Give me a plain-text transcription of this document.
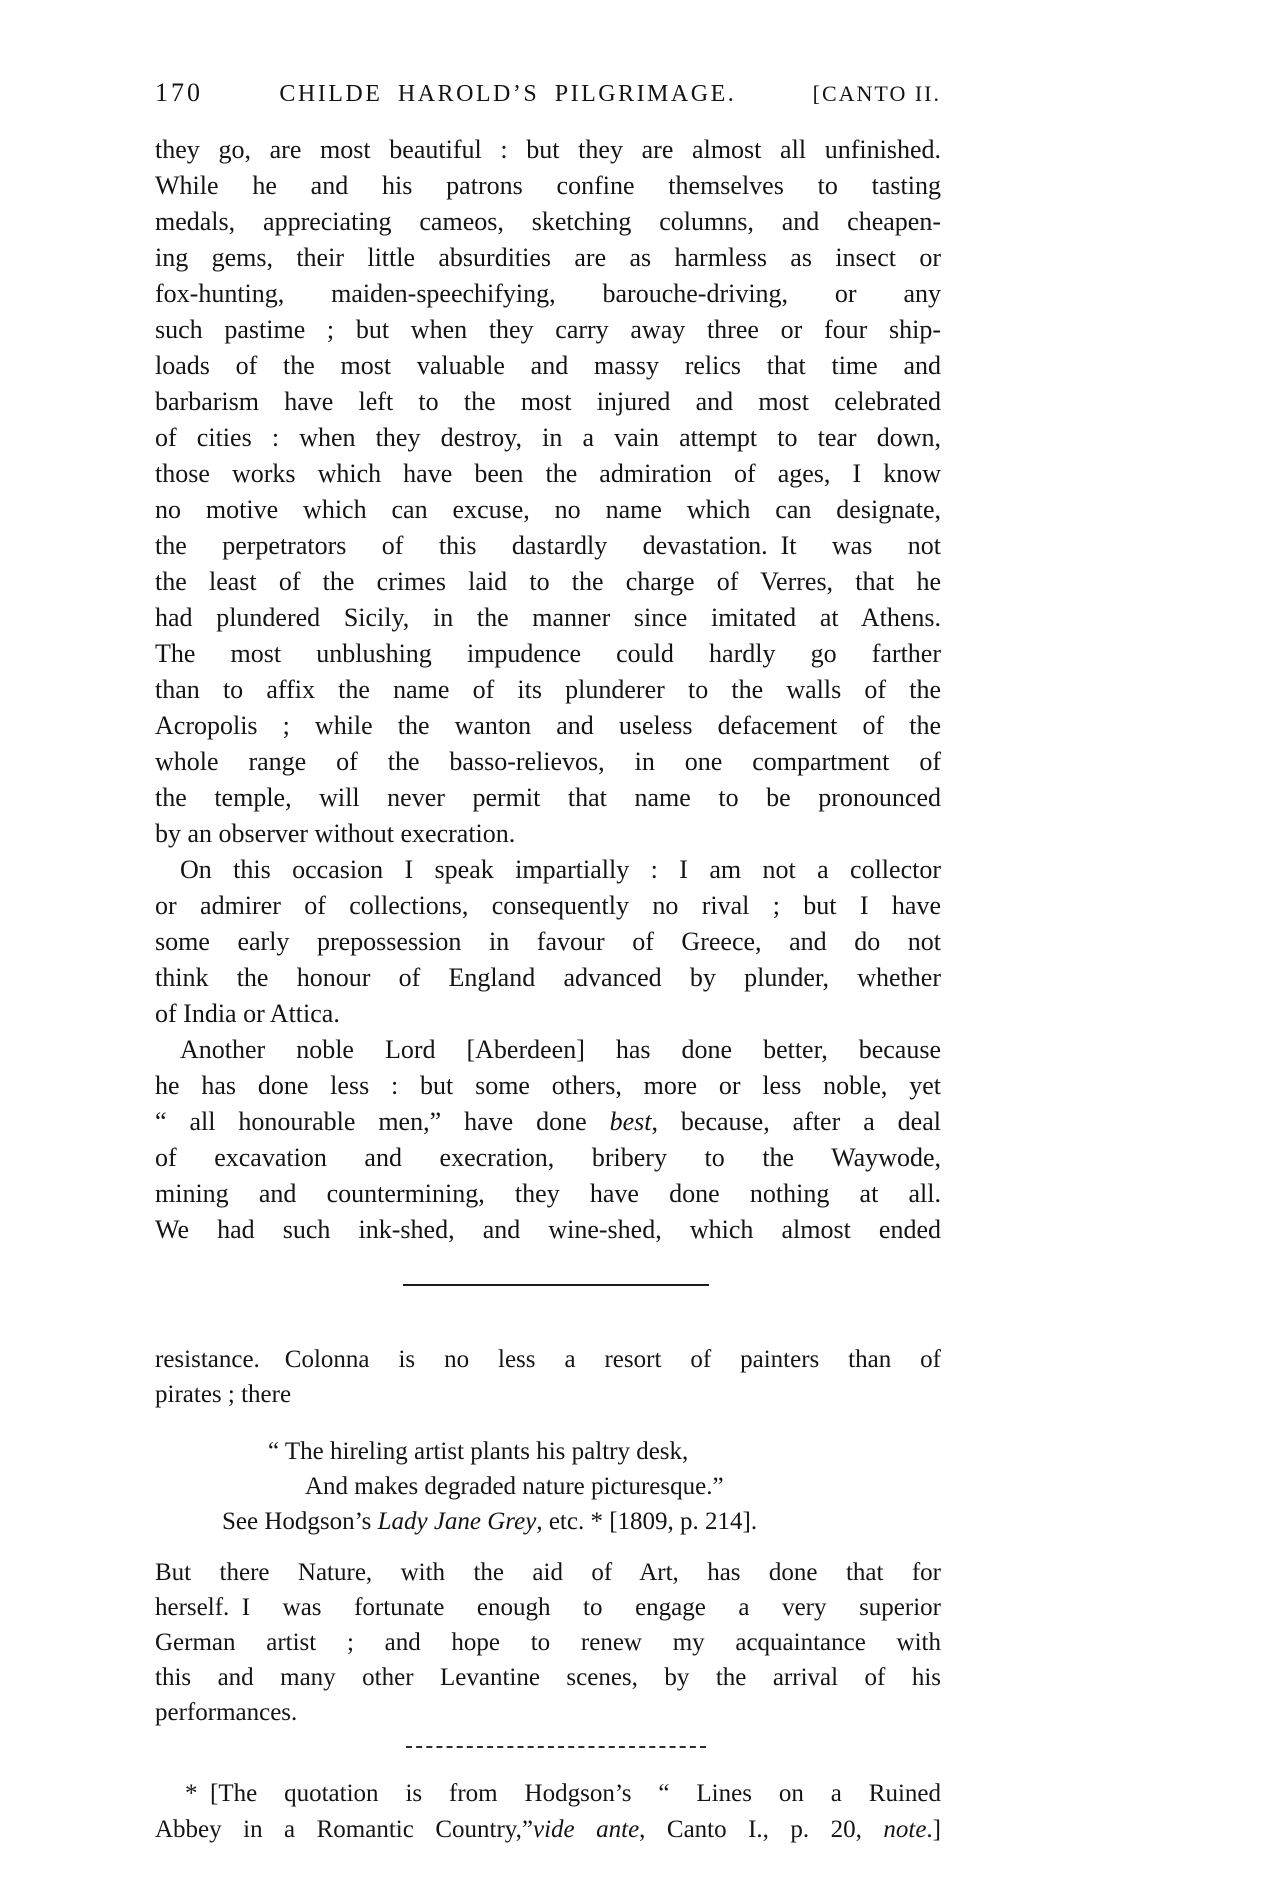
170	CHILDE HAROLD’S PILGRIMAGE.	[CANTO II.
they go, are most beautiful : but they are almost all unfinished.
While he and his patrons confine themselves to tasting
medals, appreciating cameos, sketching columns, and cheapen-
ing gems, their little absurdities are as harmless as insect or
fox-hunting, maiden-speechifying, barouche-driving, or any
such pastime ; but when they carry away three or four ship-
loads of the most valuable and massy relics that time and
barbarism have left to the most injured and most celebrated
of cities : when they destroy, in a vain attempt to tear down,
those works which have been the admiration of ages, I know
no motive which can excuse, no name which can designate,
the perpetrators of this dastardly devastation. It was not
the least of the crimes laid to the charge of Verres, that he
had plundered Sicily, in the manner since imitated at Athens.
The most unblushing impudence could hardly go farther
than to affix the name of its plunderer to the walls of the
Acropolis ; while the wanton and useless defacement of the
whole range of the basso-relievos, in one compartment of
the temple, will never permit that name to be pronounced
by an observer without execration.
On this occasion I speak impartially : I am not a collector
or admirer of collections, consequently no rival ; but I have
some early prepossession in favour of Greece, and do not
think the honour of England advanced by plunder, whether
of India or Attica.
Another noble Lord [Aberdeen] has done better, because
he has done less : but some others, more or less noble, yet
“ all honourable men,” have done best, because, after a deal
of excavation and execration, bribery to the Waywode,
mining and countermining, they have done nothing at all.
We had such ink-shed, and wine-shed, which almost ended
resistance. Colonna is no less a resort of painters than of
pirates ; there
“ The hireling artist plants his paltry desk,
And makes degraded nature picturesque.”
See Hodgson’s Lady Jane Grey, etc. * [1809, p. 214].
But there Nature, with the aid of Art, has done that for
herself. I was fortunate enough to engage a very superior
German artist ; and hope to renew my acquaintance with
this and many other Levantine scenes, by the arrival of his
performances.
* [The quotation is from Hodgson’s “ Lines on a Ruined
Abbey in a Romantic Country,”vide ante, Canto I., p. 20, note.]
